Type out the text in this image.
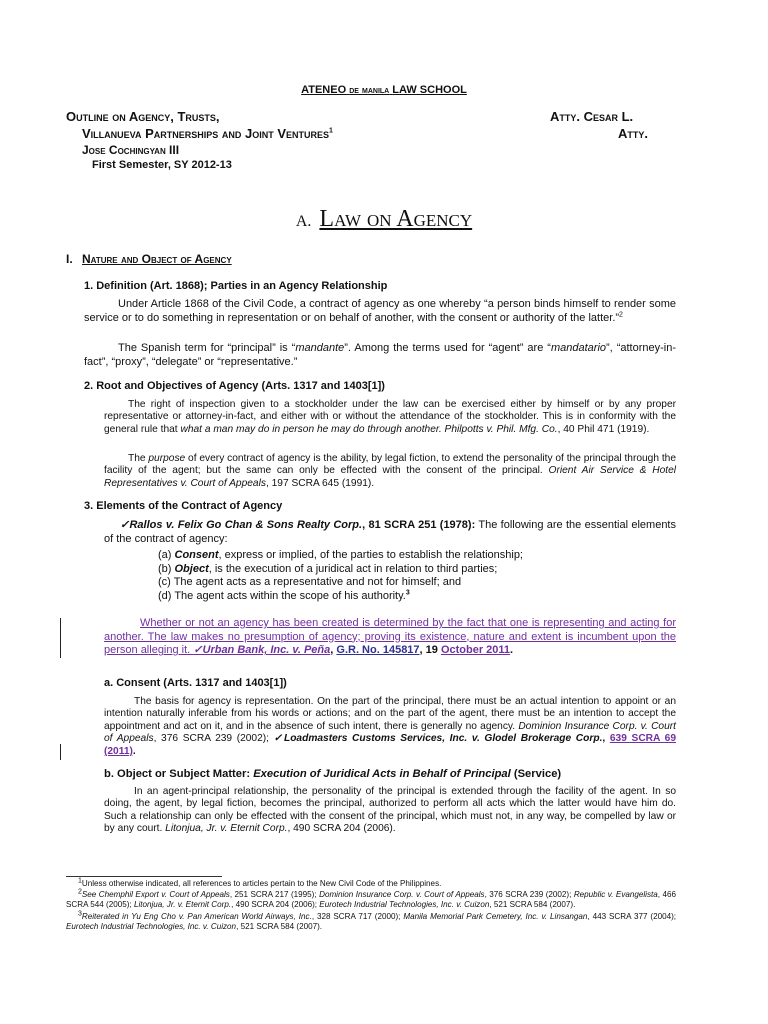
ATENEO DE MANILA LAW SCHOOL
Outline on Agency, Trusts,	Atty. Cesar L.
Villanueva Partnerships and Joint Ventures$^1$	Atty.
Jose Cochingyan III
First Semester, SY 2012-13
A. Law on Agency
I. Nature and Object of Agency
1. Definition (Art. 1868); Parties in an Agency Relationship
Under Article 1868 of the Civil Code, a contract of agency as one whereby “a person binds himself to render some service or to do something in representation or on behalf of another, with the consent or authority of the latter.”$^2$
The Spanish term for “principal” is “mandante”. Among the terms used for “agent” are “mandatario”, “attorney-in-fact”, “proxy”, “delegate” or “representative.”
2. Root and Objectives of Agency (Arts. 1317 and 1403[1])
The right of inspection given to a stockholder under the law can be exercised either by himself or by any proper representative or attorney-in-fact, and either with or without the attendance of the stockholder. This is in conformity with the general rule that what a man may do in person he may do through another. Philpotts v. Phil. Mfg. Co., 40 Phil 471 (1919).
The purpose of every contract of agency is the ability, by legal fiction, to extend the personality of the principal through the facility of the agent; but the same can only be effected with the consent of the principal. Orient Air Service & Hotel Representatives v. Court of Appeals, 197 SCRA 645 (1991).
3. Elements of the Contract of Agency
✓Rallos v. Felix Go Chan & Sons Realty Corp., 81 SCRA 251 (1978): The following are the essential elements of the contract of agency:
(a) Consent, express or implied, of the parties to establish the relationship;
(b) Object, is the execution of a juridical act in relation to third parties;
(c) The agent acts as a representative and not for himself; and
(d) The agent acts within the scope of his authority.$^3$
Whether or not an agency has been created is determined by the fact that one is representing and acting for another. The law makes no presumption of agency; proving its existence, nature and extent is incumbent upon the person alleging it. ✓Urban Bank, Inc. v. Peña, G.R. No. 145817, 19 October 2011.
a. Consent (Arts. 1317 and 1403[1])
The basis for agency is representation. On the part of the principal, there must be an actual intention to appoint or an intention naturally inferable from his words or actions; and on the part of the agent, there must be an intention to accept the appointment and act on it, and in the absence of such intent, there is generally no agency. Dominion Insurance Corp. v. Court of Appeals, 376 SCRA 239 (2002); ✓Loadmasters Customs Services, Inc. v. Glodel Brokerage Corp., 639 SCRA 69 (2011).
b. Object or Subject Matter: Execution of Juridical Acts in Behalf of Principal (Service)
In an agent-principal relationship, the personality of the principal is extended through the facility of the agent. In so doing, the agent, by legal fiction, becomes the principal, authorized to perform all acts which the latter would have him do. Such a relationship can only be effected with the consent of the principal, which must not, in any way, be compelled by law or by any court. Litonjua, Jr. v. Eternit Corp., 490 SCRA 204 (2006).
$^1$Unless otherwise indicated, all references to articles pertain to the New Civil Code of the Philippines.
$^2$See Chemphil Export v. Court of Appeals, 251 SCRA 217 (1995); Dominion Insurance Corp. v. Court of Appeals, 376 SCRA 239 (2002); Republic v. Evangelista, 466 SCRA 544 (2005); Litonjua, Jr. v. Eternit Corp., 490 SCRA 204 (2006); Eurotech Industrial Technologies, Inc. v. Cuizon, 521 SCRA 584 (2007).
$^3$Reiterated in Yu Eng Cho v. Pan American World Airways, Inc., 328 SCRA 717 (2000); Manila Memorial Park Cemetery, Inc. v. Linsangan, 443 SCRA 377 (2004); Eurotech Industrial Technologies, Inc. v. Cuizon, 521 SCRA 584 (2007).
